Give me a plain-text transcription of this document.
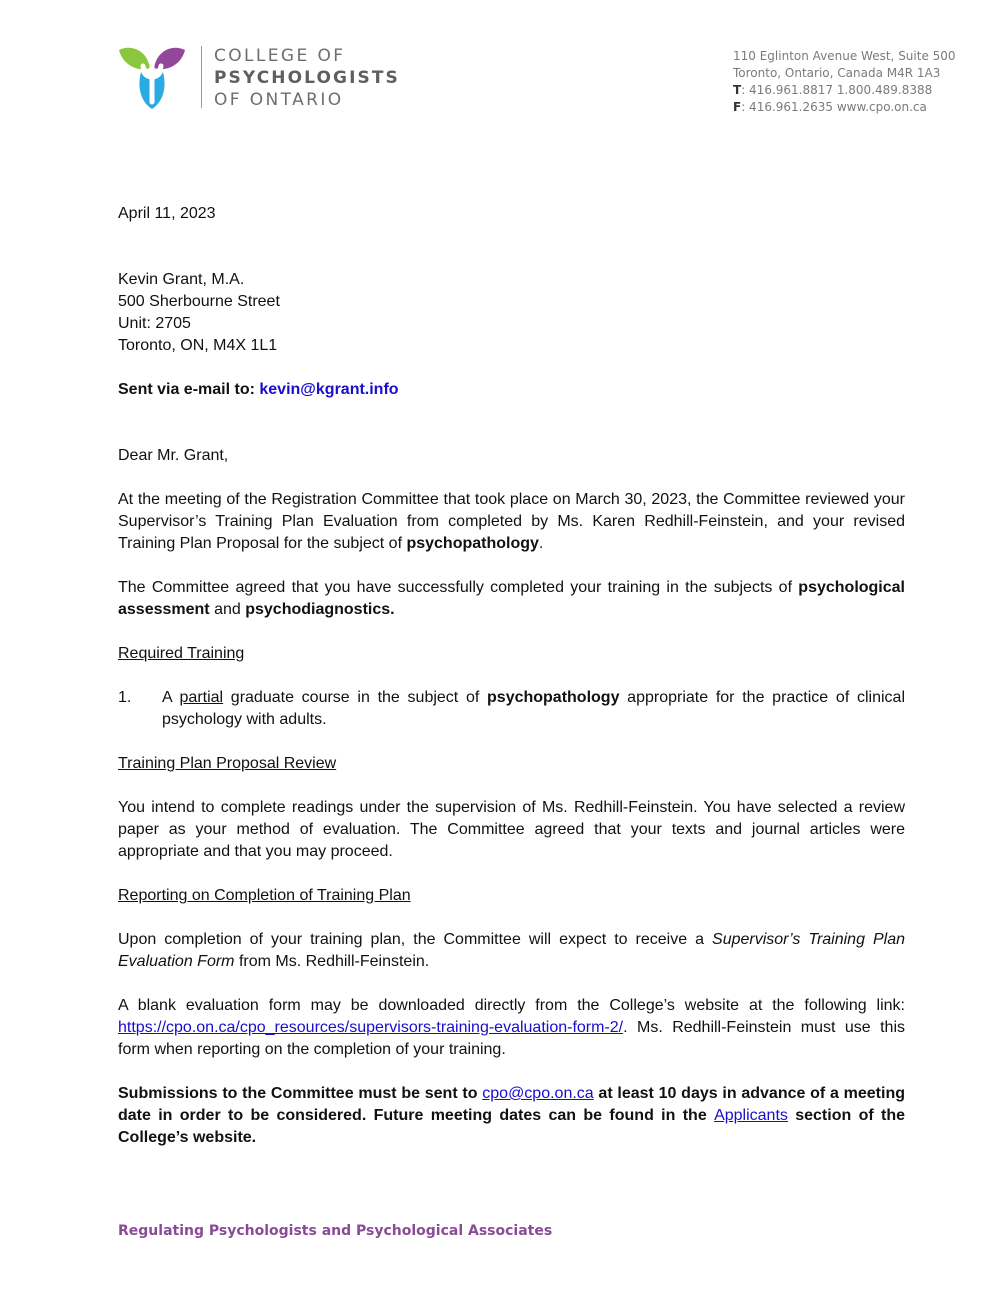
COLLEGE OF
PSYCHOLOGISTS
OF ONTARIO
110 Eglinton Avenue West, Suite 500
Toronto, Ontario, Canada M4R 1A3
T: 416.961.8817 1.800.489.8388
F: 416.961.2635 www.cpo.on.ca

April 11, 2023

Kevin Grant, M.A.

500 Sherbourne Street

Unit: 2705

Toronto, ON, M4X 1L1

Sent via e-mail to: kevin@kgrant.info

Dear Mr. Grant,

At the meeting of the Registration Committee that took place on March 30, 2023, the Committee reviewed your Supervisor’s Training Plan Evaluation from completed by Ms. Karen Redhill-Feinstein, and your revised Training Plan Proposal for the subject of psychopathology.

The Committee agreed that you have successfully completed your training in the subjects of psychological assessment and psychodiagnostics.

Required Training

1. A partial graduate course in the subject of psychopathology appropriate for the practice of clinical psychology with adults.

Training Plan Proposal Review

You intend to complete readings under the supervision of Ms. Redhill-Feinstein. You have selected a review paper as your method of evaluation. The Committee agreed that your texts and journal articles were appropriate and that you may proceed.

Reporting on Completion of Training Plan

Upon completion of your training plan, the Committee will expect to receive a Supervisor’s Training Plan Evaluation Form from Ms. Redhill-Feinstein.

A blank evaluation form may be downloaded directly from the College’s website at the following link: https://cpo.on.ca/cpo_resources/supervisors-training-evaluation-form-2/. Ms. Redhill-Feinstein must use this form when reporting on the completion of your training.

Submissions to the Committee must be sent to cpo@cpo.on.ca at least 10 days in advance of a meeting date in order to be considered. Future meeting dates can be found in the Applicants section of the College’s website.

Regulating Psychologists and Psychological Associates
